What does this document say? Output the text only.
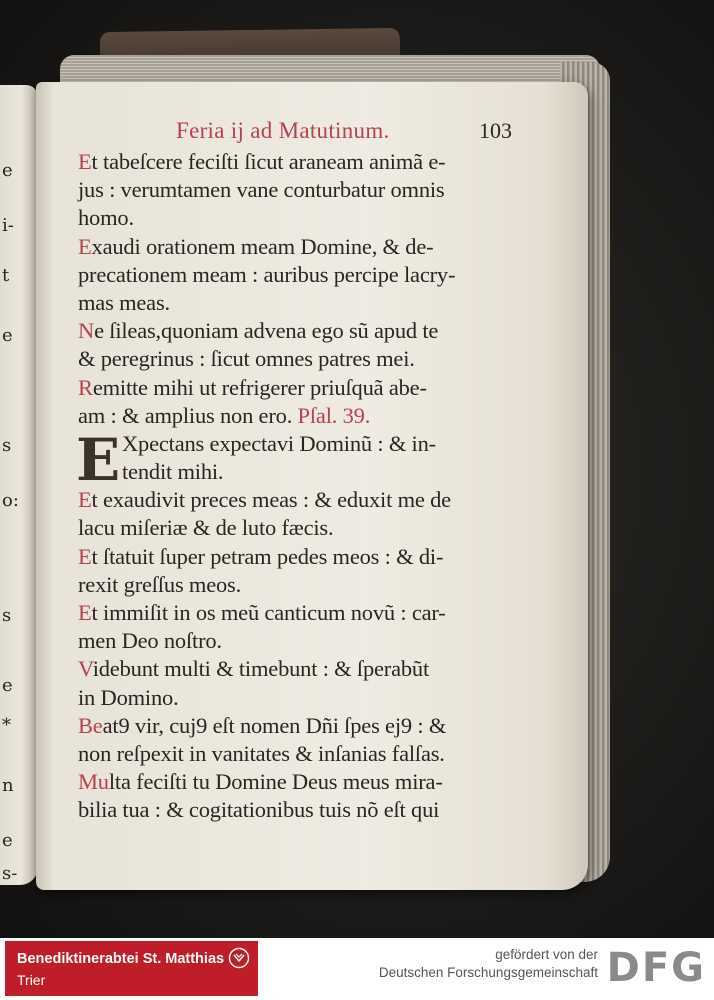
e
i-
t
e
s
o:
s
e
*
n
e
s-
Feria ij ad Matutinum.	103
Et tabeſcere feciſti ſicut araneam animã e-
jus : verumtamen vane conturbatur omnis
homo.
Exaudi orationem meam Domine, & de-
precationem meam : auribus percipe lacry-
mas meas.
Ne ſileas,quoniam advena ego sũ apud te
& peregrinus : ſicut omnes patres mei.
Remitte mihi ut refrigerer priuſquã abe-
am : & amplius non ero. Pſal. 39.
E Xpectans expectavi Dominũ : & in-
tendit mihi.
Et exaudivit preces meas : & eduxit me de
lacu miſeriæ & de luto fæcis.
Et ſtatuit ſuper petram pedes meos : & di-
rexit greſſus meos.
Et immiſit in os meũ canticum novũ : car-
men Deo noſtro.
Videbunt multi & timebunt : & ſperabũt
in Domino.
Beat9 vir, cuj9 eſt nomen Dñi ſpes ej9 : &
non reſpexit in vanitates & inſanias falſas.
Multa feciſti tu Domine Deus meus mira-
bilia tua : & cogitationibus tuis nõ eſt qui
Benediktinerabtei St. Matthias
Trier
gefördert von der
Deutschen Forschungsgemeinschaft DFG
